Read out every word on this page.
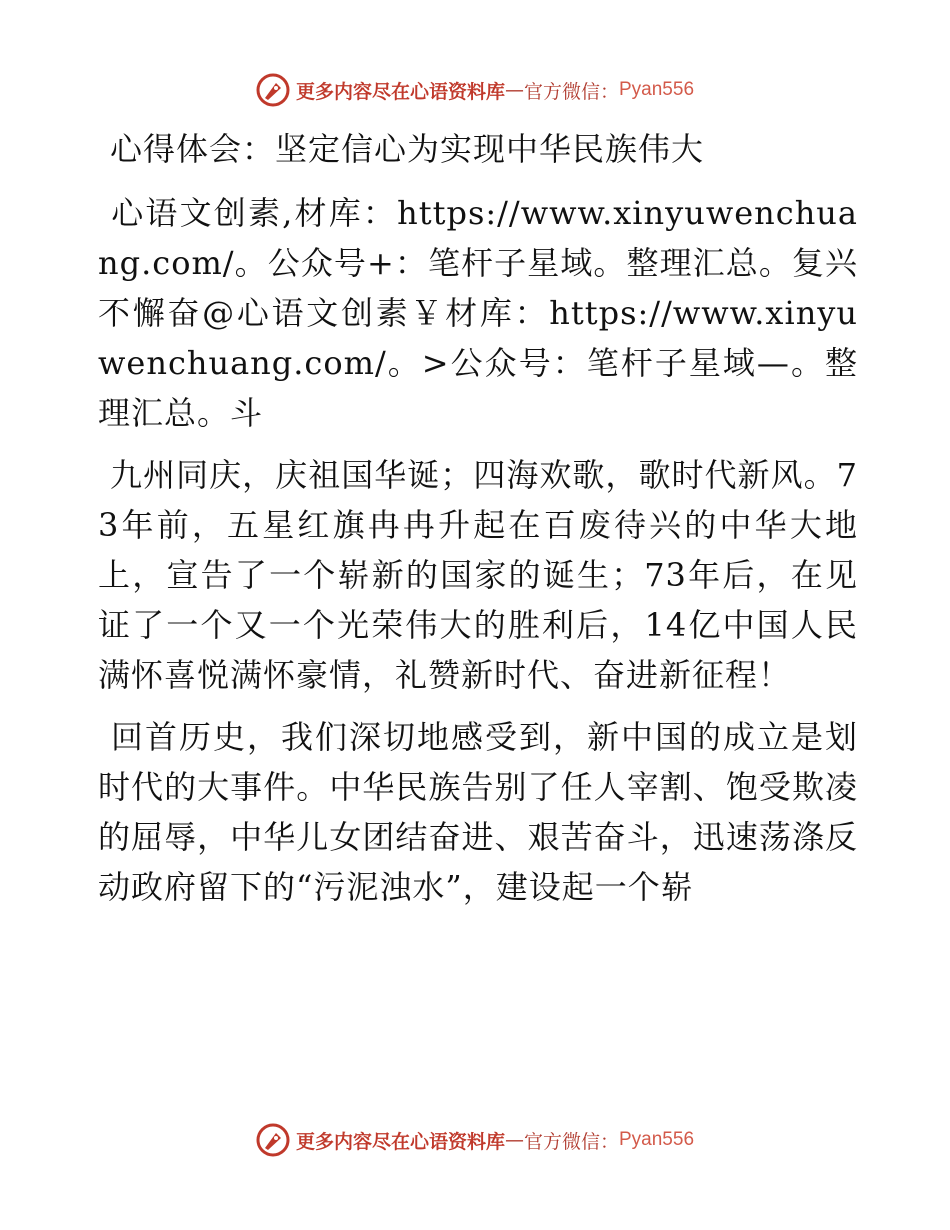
更多内容尽在心语资料库 — 官方微信： Pyan556

心得体会：坚定信心为实现中华民族伟大

心语文创素,材库：https://www.xinyuwenchuang.com/。公众号+：笔杆子星域。整理汇总。复兴不懈奋@心语文创素￥材库：https://www.xinyuwenchuang.com/。>公众号：笔杆子星域—。整理汇总。斗

九州同庆，庆祖国华诞；四海欢歌，歌时代新风。73年前，五星红旗冉冉升起在百废待兴的中华大地上，宣告了一个崭新的国家的诞生；73年后，在见证了一个又一个光荣伟大的胜利后，14亿中国人民满怀喜悦满怀豪情，礼赞新时代、奋进新征程！

回首历史，我们深切地感受到，新中国的成立是划时代的大事件。中华民族告别了任人宰割、饱受欺凌的屈辱，中华儿女团结奋进、艰苦奋斗，迅速荡涤反动政府留下的“污泥浊水”，建设起一个崭

更多内容尽在心语资料库 — 官方微信： Pyan556
